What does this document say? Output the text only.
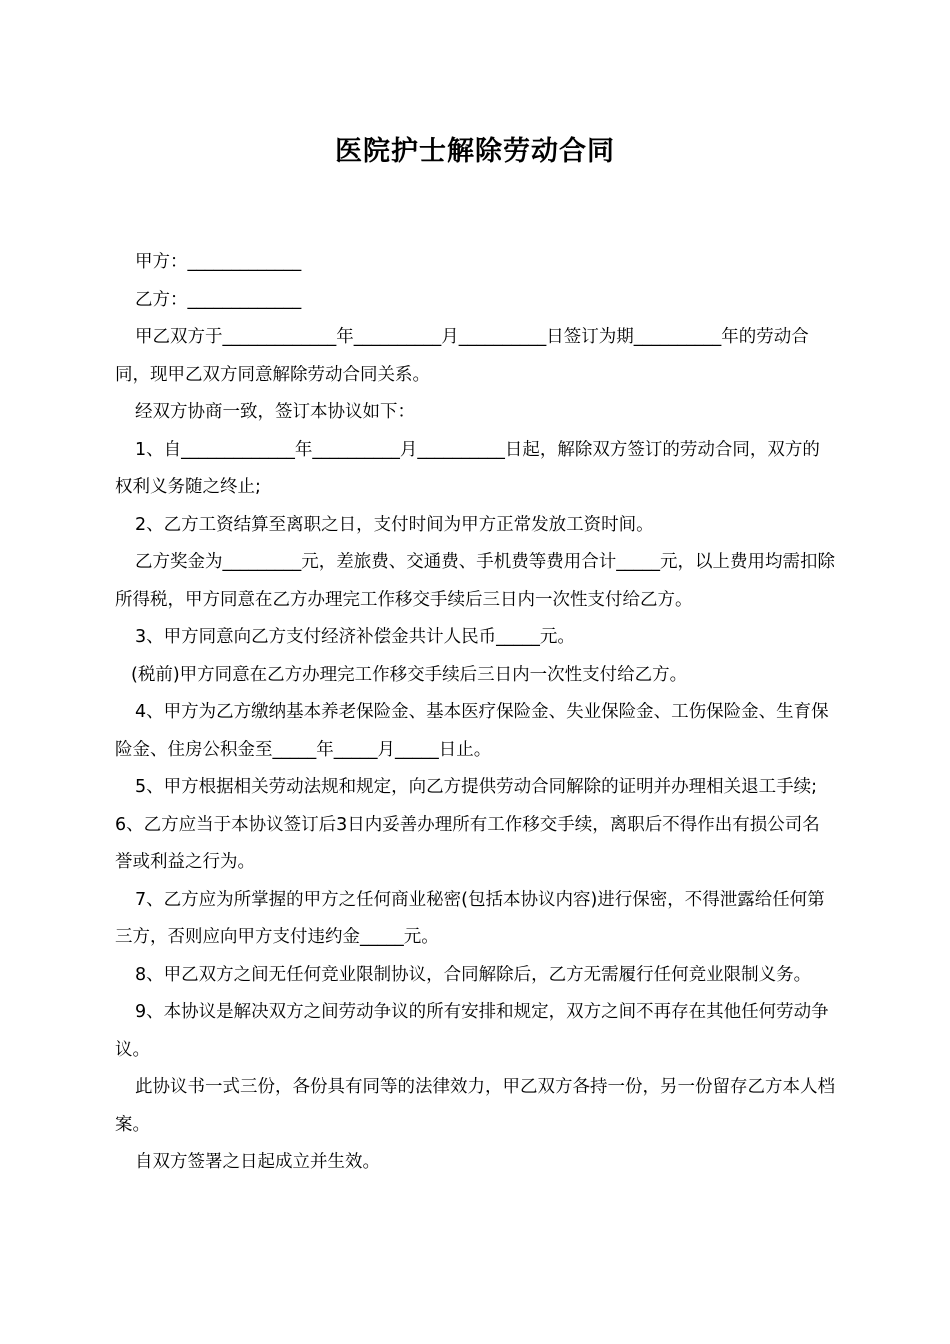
医院护士解除劳动合同

甲方：_____________

乙方：_____________

甲乙双方于_____________年__________月__________日签订为期__________年的劳动合同，现甲乙双方同意解除劳动合同关系。

经双方协商一致，签订本协议如下：

1、自_____________年__________月__________日起，解除双方签订的劳动合同，双方的权利义务随之终止;

2、乙方工资结算至离职之日，支付时间为甲方正常发放工资时间。

乙方奖金为_________元，差旅费、交通费、手机费等费用合计_____元，以上费用均需扣除所得税，甲方同意在乙方办理完工作移交手续后三日内一次性支付给乙方。

3、甲方同意向乙方支付经济补偿金共计人民币_____元。

(税前)甲方同意在乙方办理完工作移交手续后三日内一次性支付给乙方。

4、甲方为乙方缴纳基本养老保险金、基本医疗保险金、失业保险金、工伤保险金、生育保险金、住房公积金至_____年_____月_____日止。

5、甲方根据相关劳动法规和规定，向乙方提供劳动合同解除的证明并办理相关退工手续;6、乙方应当于本协议签订后3日内妥善办理所有工作移交手续，离职后不得作出有损公司名誉或利益之行为。

7、乙方应为所掌握的甲方之任何商业秘密(包括本协议内容)进行保密，不得泄露给任何第三方，否则应向甲方支付违约金_____元。

8、甲乙双方之间无任何竞业限制协议，合同解除后，乙方无需履行任何竞业限制义务。

9、本协议是解决双方之间劳动争议的所有安排和规定，双方之间不再存在其他任何劳动争议。

此协议书一式三份，各份具有同等的法律效力，甲乙双方各持一份，另一份留存乙方本人档案。

自双方签署之日起成立并生效。
